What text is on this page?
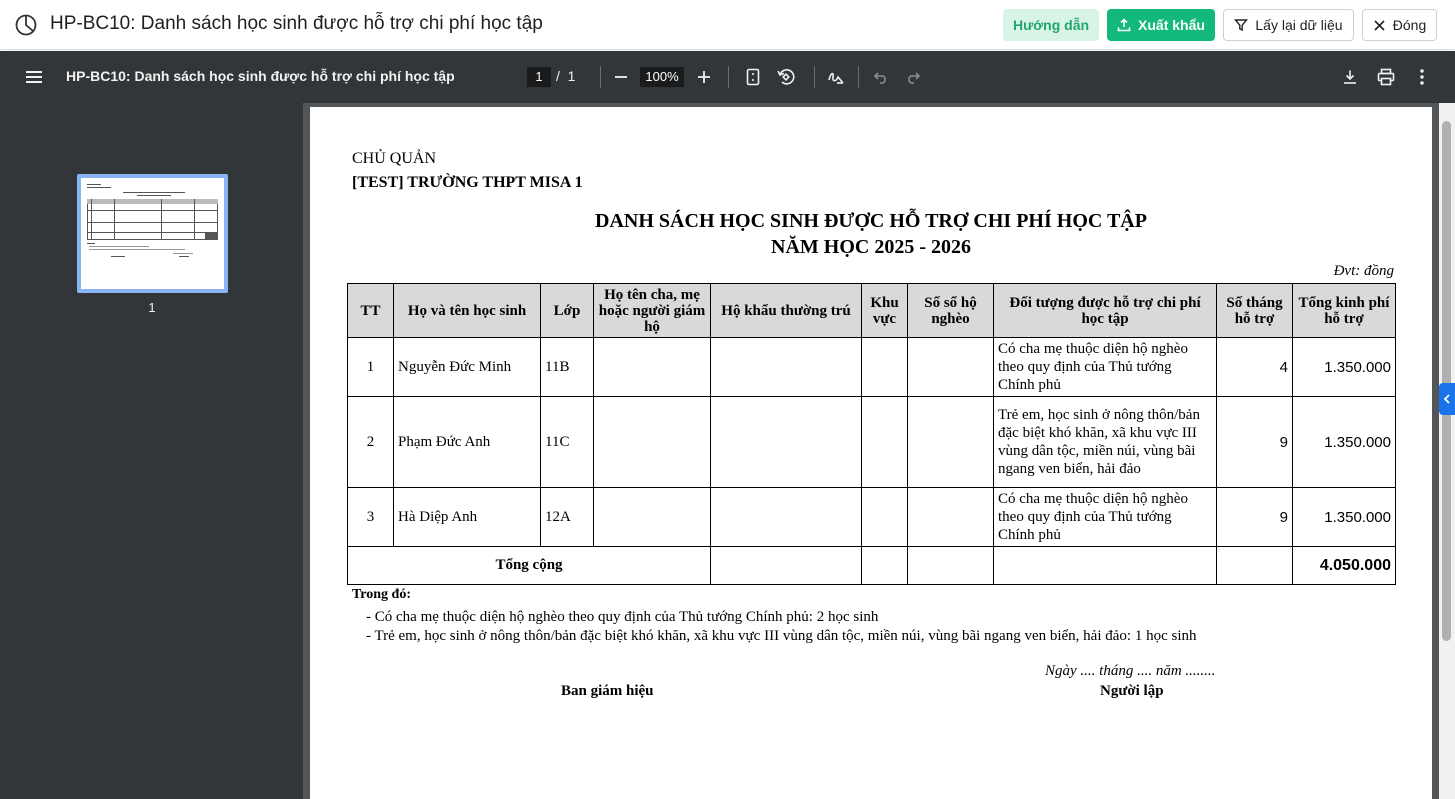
HP-BC10: Danh sách học sinh được hỗ trợ chi phí học tập	Hướng dẫn	Xuất khẩu	Lấy lại dữ liệu	Đóng
HP-BC10: Danh sách học sinh được hỗ trợ chi phí học tập	1 / 1	100%
1
CHỦ QUẢN
[TEST] TRƯỜNG THPT MISA 1
DANH SÁCH HỌC SINH ĐƯỢC HỖ TRỢ CHI PHÍ HỌC TẬP
NĂM HỌC 2025 - 2026
Đvt: đồng
TT	Họ và tên học sinh	Lớp	Họ tên cha, mẹ hoặc người giám hộ	Hộ khẩu thường trú	Khu vực	Số sổ hộ nghèo	Đối tượng được hỗ trợ chi phí học tập	Số tháng hỗ trợ	Tổng kinh phí hỗ trợ
1	Nguyễn Đức Minh	11B					Có cha mẹ thuộc diện hộ nghèo theo quy định của Thủ tướng Chính phủ	4	1.350.000
2	Phạm Đức Anh	11C					Trẻ em, học sinh ở nông thôn/bản đặc biệt khó khăn, xã khu vực III vùng dân tộc, miền núi, vùng bãi ngang ven biển, hải đảo	9	1.350.000
3	Hà Diệp Anh	12A					Có cha mẹ thuộc diện hộ nghèo theo quy định của Thủ tướng Chính phủ	9	1.350.000
Tổng cộng									4.050.000
Trong đó:
- Có cha mẹ thuộc diện hộ nghèo theo quy định của Thủ tướng Chính phủ: 2 học sinh
- Trẻ em, học sinh ở nông thôn/bản đặc biệt khó khăn, xã khu vực III vùng dân tộc, miền núi, vùng bãi ngang ven biển, hải đảo: 1 học sinh
Ngày .... tháng .... năm ........
Ban giám hiệu	Người lập
